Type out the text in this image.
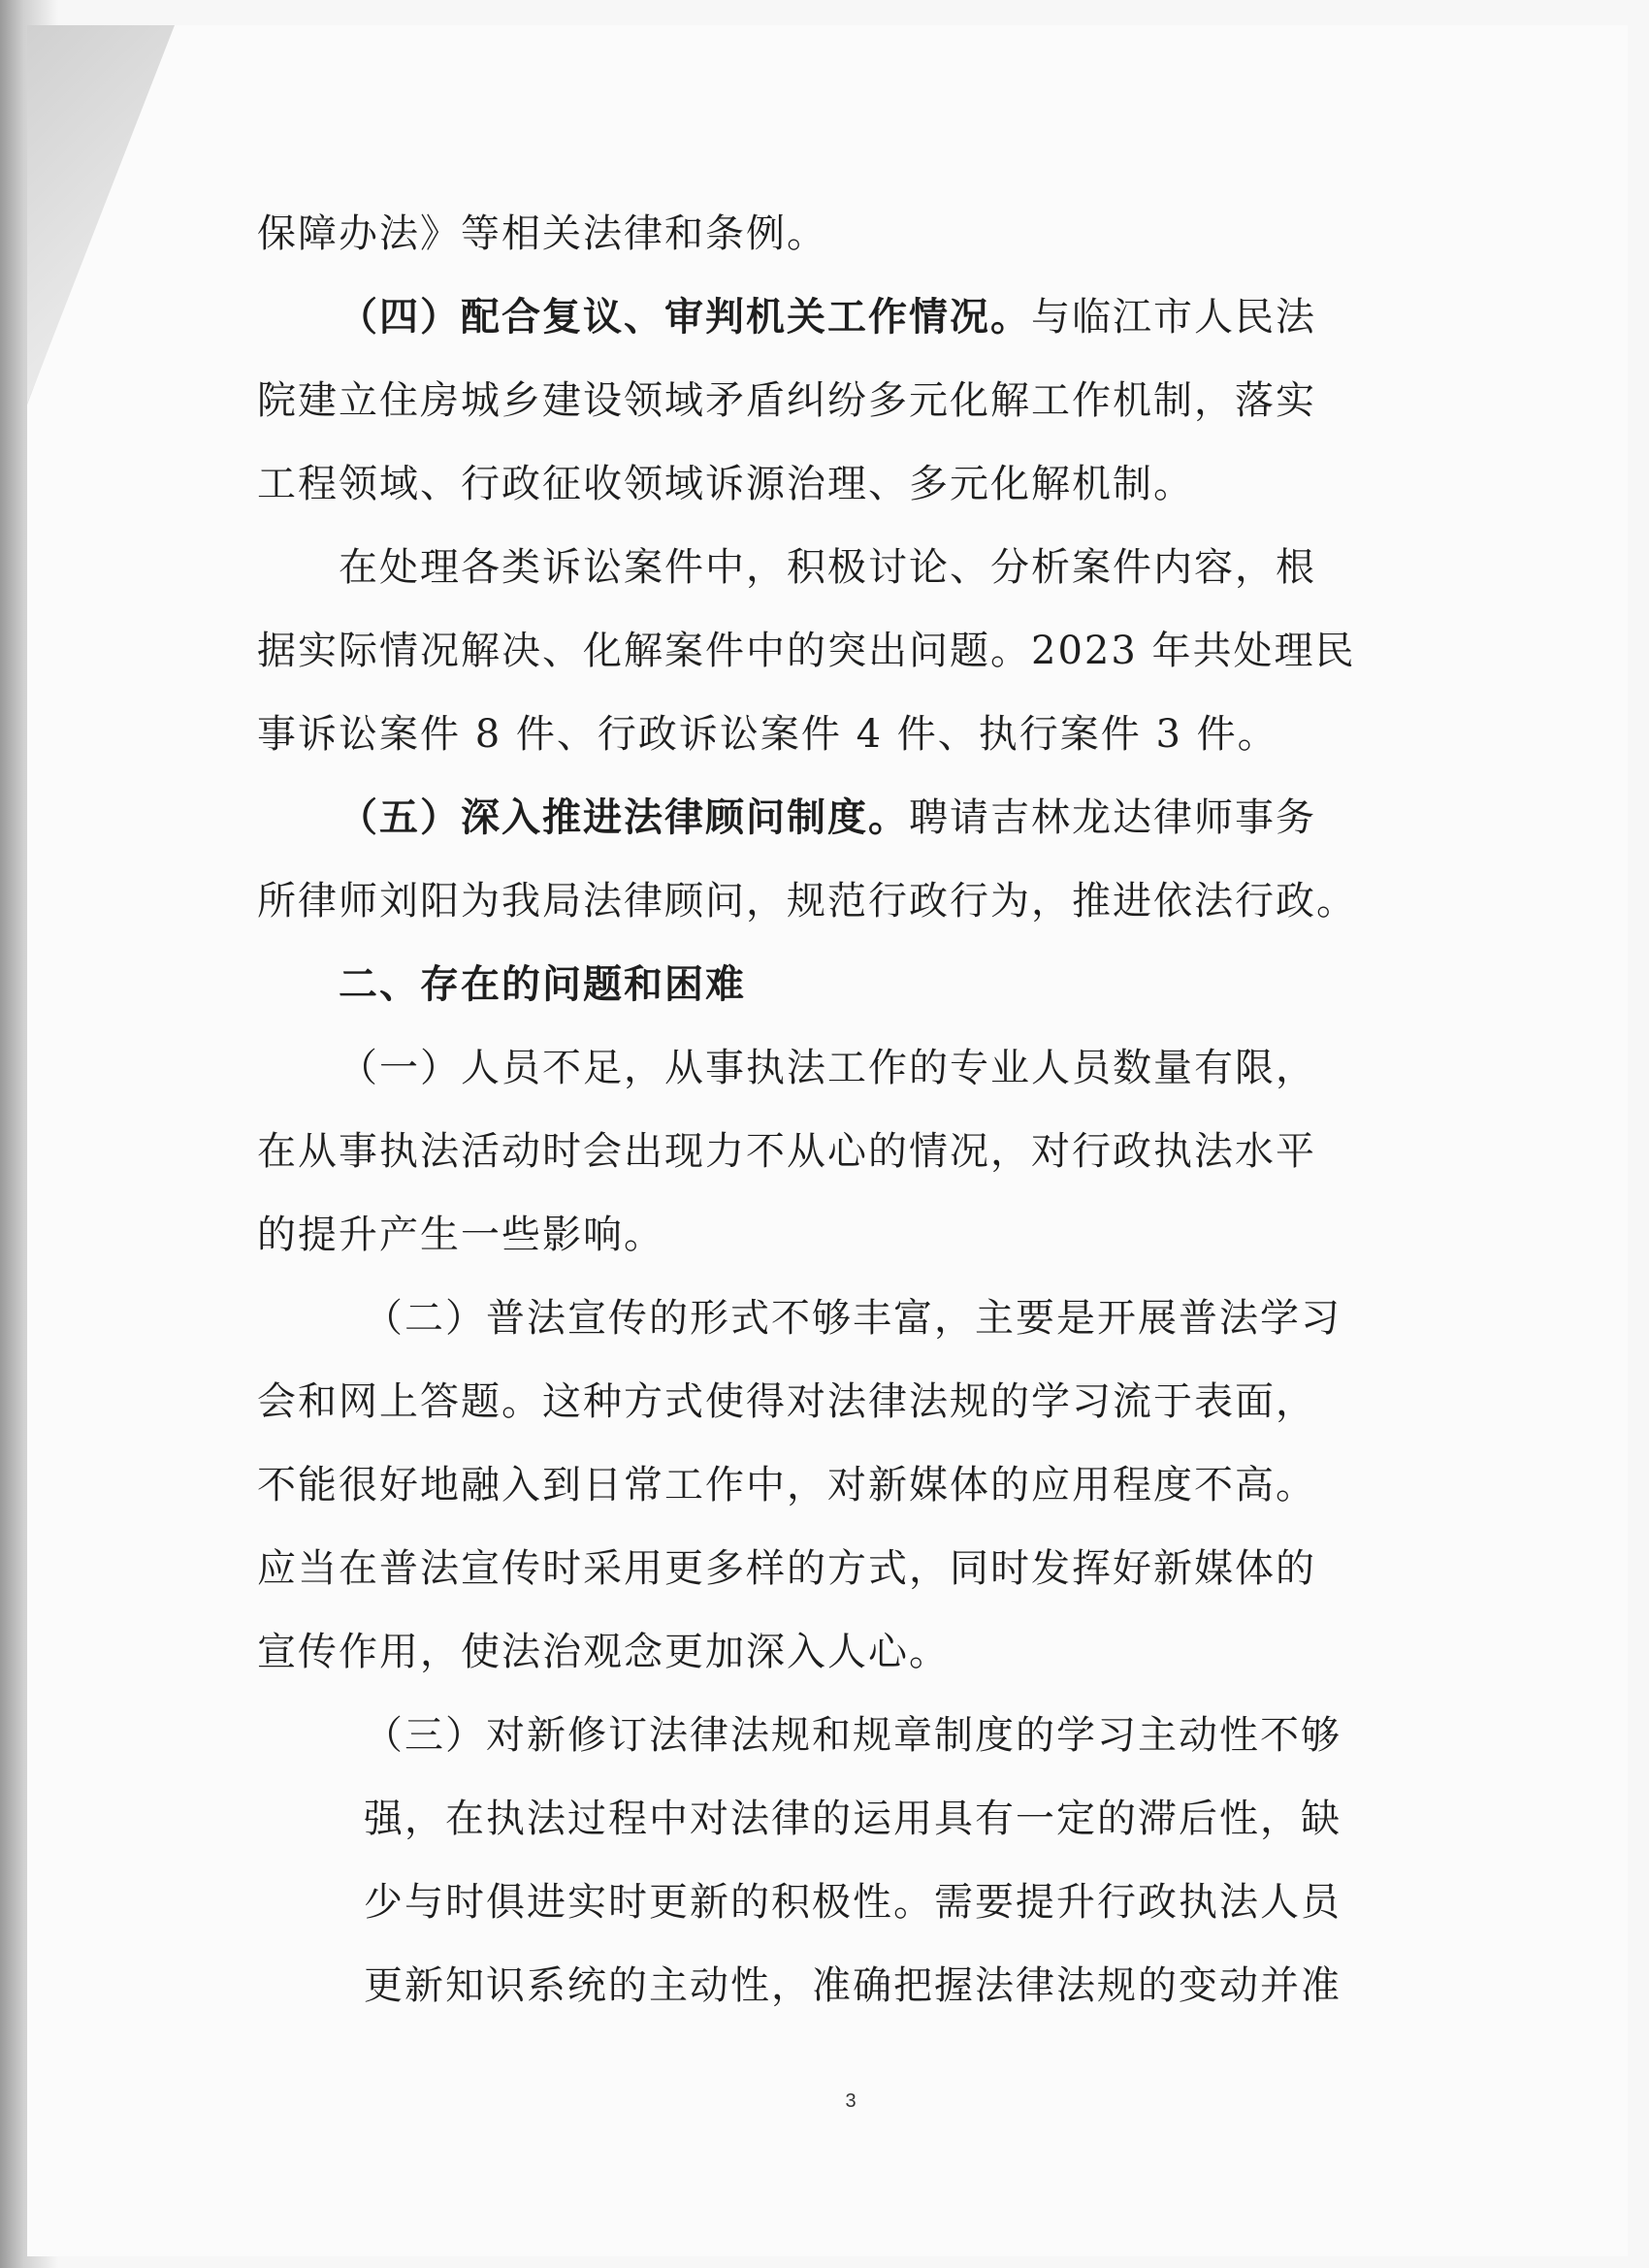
保障办法》等相关法律和条例。
（四）配合复议、审判机关工作情况。与临江市人民法
院建立住房城乡建设领域矛盾纠纷多元化解工作机制，落实
工程领域、行政征收领域诉源治理、多元化解机制。
在处理各类诉讼案件中，积极讨论、分析案件内容，根
据实际情况解决、化解案件中的突出问题。2023 年共处理民
事诉讼案件 8 件、行政诉讼案件 4 件、执行案件 3 件。
（五）深入推进法律顾问制度。聘请吉林龙达律师事务
所律师刘阳为我局法律顾问，规范行政行为，推进依法行政。
二、存在的问题和困难
（一）人员不足，从事执法工作的专业人员数量有限，
在从事执法活动时会出现力不从心的情况，对行政执法水平
的提升产生一些影响。
（二）普法宣传的形式不够丰富，主要是开展普法学习
会和网上答题。这种方式使得对法律法规的学习流于表面，
不能很好地融入到日常工作中，对新媒体的应用程度不高。
应当在普法宣传时采用更多样的方式，同时发挥好新媒体的
宣传作用，使法治观念更加深入人心。
（三）对新修订法律法规和规章制度的学习主动性不够
强，在执法过程中对法律的运用具有一定的滞后性，缺
少与时俱进实时更新的积极性。需要提升行政执法人员
更新知识系统的主动性，准确把握法律法规的变动并准
3
